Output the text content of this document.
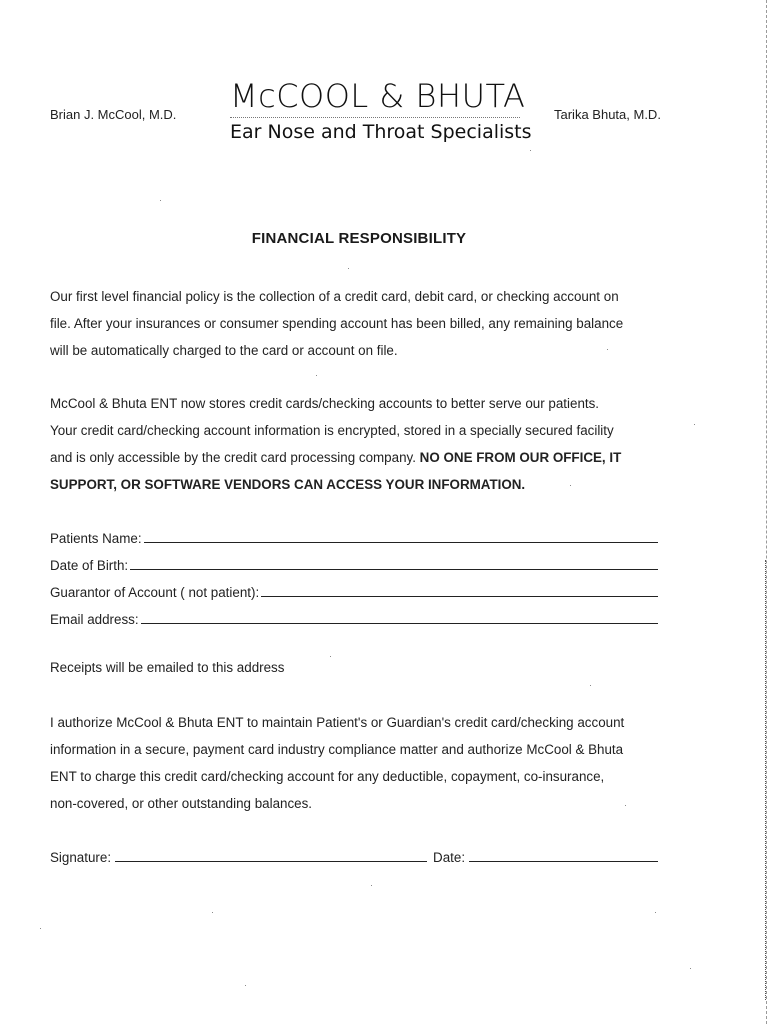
Brian J. McCool, M.D. McCOOL & BHUTA
Ear Nose and Throat Specialists
Tarika Bhuta, M.D.
FINANCIAL RESPONSIBILITY
Our first level financial policy is the collection of a credit card, debit card, or checking account on
file. After your insurances or consumer spending account has been billed, any remaining balance
will be automatically charged to the card or account on file.
McCool & Bhuta ENT now stores credit cards/checking accounts to better serve our patients.
Your credit card/checking account information is encrypted, stored in a specially secured facility
and is only accessible by the credit card processing company. NO ONE FROM OUR OFFICE, IT
SUPPORT, OR SOFTWARE VENDORS CAN ACCESS YOUR INFORMATION.
Patients Name:
Date of Birth:
Guarantor of Account ( not patient):
Email address:
Receipts will be emailed to this address
I authorize McCool & Bhuta ENT to maintain Patient's or Guardian's credit card/checking account
information in a secure, payment card industry compliance matter and authorize McCool & Bhuta
ENT to charge this credit card/checking account for any deductible, copayment, co-insurance,
non-covered, or other outstanding balances.
Signature:	Date:
